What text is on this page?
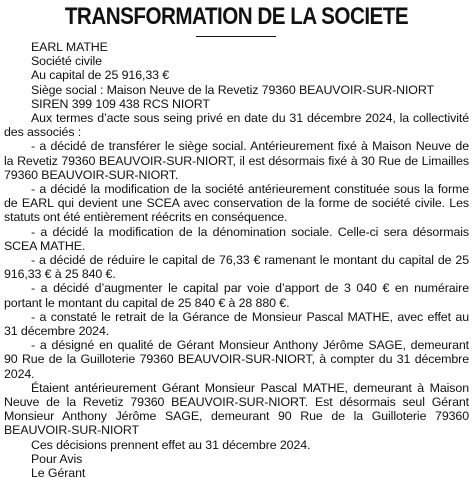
TRANSFORMATION DE LA SOCIETE

EARL MATHE

Société civile

Au capital de 25 916,33 €

Siège social : Maison Neuve de la Revetiz 79360 BEAUVOIR-SUR-NIORT

SIREN 399 109 438 RCS NIORT

Aux termes d’acte sous seing privé en date du 31 décembre 2024, la collectivité des associés :

- a décidé de transférer le siège social. Antérieurement fixé à Maison Neuve de la Revetiz 79360 BEAUVOIR-SUR-NIORT, il est désormais fixé à 30 Rue de Limailles 79360 BEAUVOIR-SUR-NIORT.

- a décidé la modification de la société antérieurement constituée sous la forme de EARL qui devient une SCEA avec conservation de la forme de société civile. Les statuts ont été entièrement réécrits en conséquence.

- a décidé la modification de la dénomination sociale. Celle-ci sera désormais SCEA MATHE.

- a décidé de réduire le capital de 76,33 € ramenant le montant du capital de 25 916,33 € à 25 840 €.

- a décidé d’augmenter le capital par voie d’apport de 3 040 € en numéraire portant le montant du capital de 25 840 € à 28 880 €.

- a constaté le retrait de la Gérance de Monsieur Pascal MATHE, avec effet au 31 décembre 2024.

- a désigné en qualité de Gérant Monsieur Anthony Jérôme SAGE, demeurant 90 Rue de la Guilloterie 79360 BEAUVOIR-SUR-NIORT, à compter du 31 décembre 2024.

Étaient antérieurement Gérant Monsieur Pascal MATHE, demeurant à Maison Neuve de la Revetiz 79360 BEAUVOIR-SUR-NIORT. Est désormais seul Gérant Monsieur Anthony Jérôme SAGE, demeurant 90 Rue de la Guilloterie 79360 BEAUVOIR-SUR-NIORT

Ces décisions prennent effet au 31 décembre 2024.

Pour Avis

Le Gérant
